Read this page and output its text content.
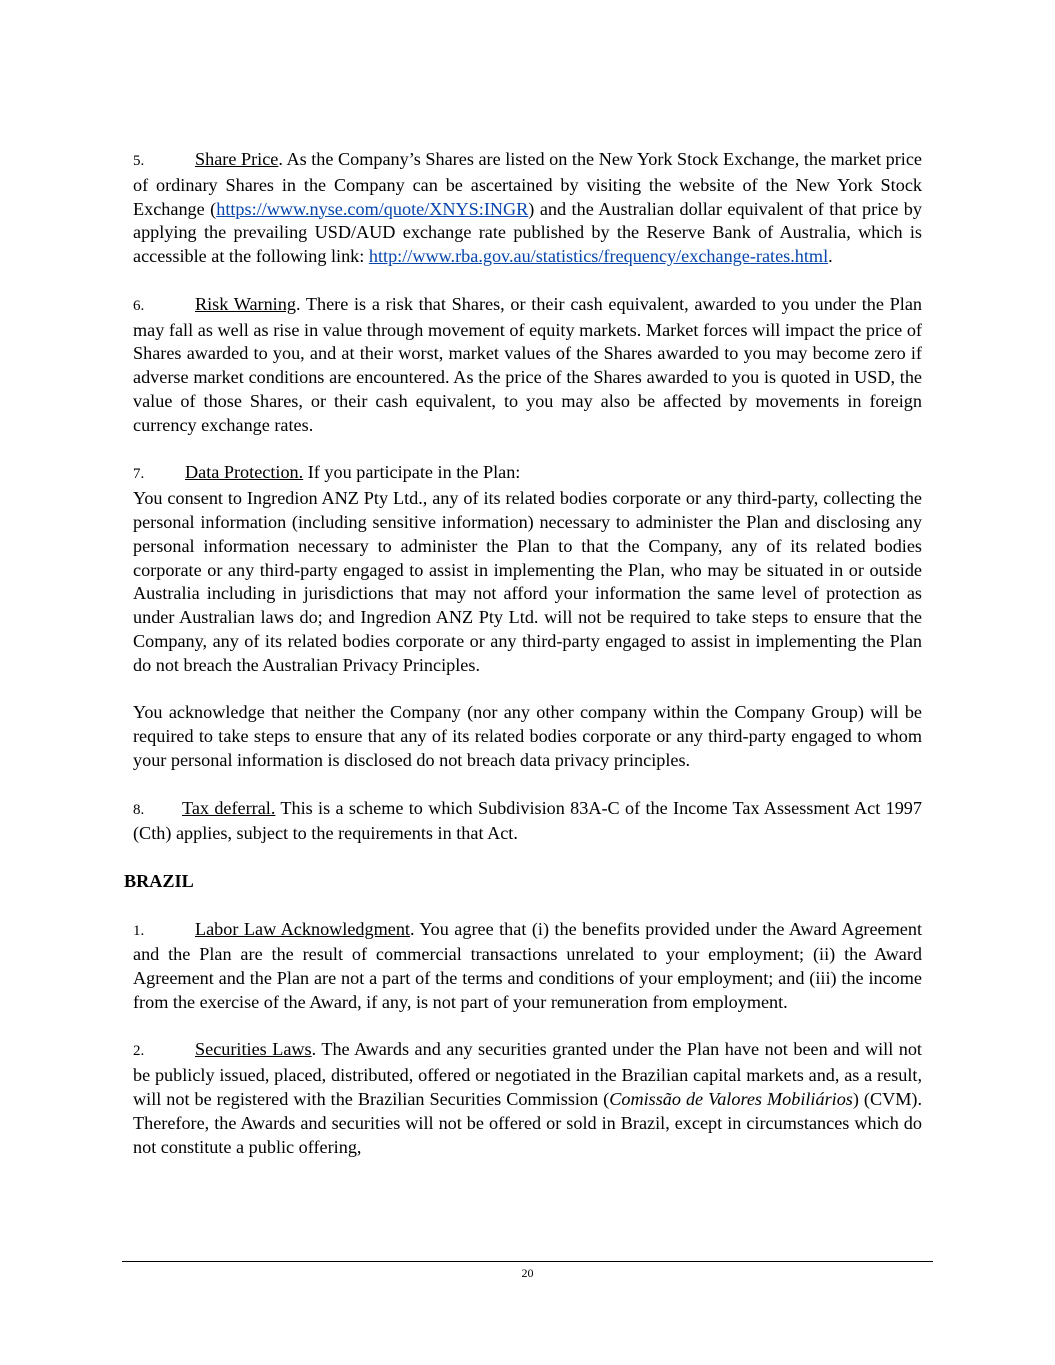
5.	Share Price. As the Company’s Shares are listed on the New York Stock Exchange, the market price of ordinary Shares in the Company can be ascertained by visiting the website of the New York Stock Exchange (https://www.nyse.com/quote/XNYS:INGR) and the Australian dollar equivalent of that price by applying the prevailing USD/AUD exchange rate published by the Reserve Bank of Australia, which is accessible at the following link: http://www.rba.gov.au/statistics/frequency/exchange-rates.html.

6.	Risk Warning. There is a risk that Shares, or their cash equivalent, awarded to you under the Plan may fall as well as rise in value through movement of equity markets. Market forces will impact the price of Shares awarded to you, and at their worst, market values of the Shares awarded to you may become zero if adverse market conditions are encountered. As the price of the Shares awarded to you is quoted in USD, the value of those Shares, or their cash equivalent, to you may also be affected by movements in foreign currency exchange rates.

7. Data Protection. If you participate in the Plan:

You consent to Ingredion ANZ Pty Ltd., any of its related bodies corporate or any third-party, collecting the personal information (including sensitive information) necessary to administer the Plan and disclosing any personal information necessary to administer the Plan to that the Company, any of its related bodies corporate or any third-party engaged to assist in implementing the Plan, who may be situated in or outside Australia including in jurisdictions that may not afford your information the same level of protection as under Australian laws do; and Ingredion ANZ Pty Ltd. will not be required to take steps to ensure that the Company, any of its related bodies corporate or any third-party engaged to assist in implementing the Plan do not breach the Australian Privacy Principles.

You acknowledge that neither the Company (nor any other company within the Company Group) will be required to take steps to ensure that any of its related bodies corporate or any third-party engaged to whom your personal information is disclosed do not breach data privacy principles.

8. Tax deferral. This is a scheme to which Subdivision 83A-C of the Income Tax Assessment Act 1997 (Cth) applies, subject to the requirements in that Act.

BRAZIL

1.	Labor Law Acknowledgment. You agree that (i) the benefits provided under the Award Agreement and the Plan are the result of commercial transactions unrelated to your employment; (ii) the Award Agreement and the Plan are not a part of the terms and conditions of your employment; and (iii) the income from the exercise of the Award, if any, is not part of your remuneration from employment.

2.	Securities Laws. The Awards and any securities granted under the Plan have not been and will not be publicly issued, placed, distributed, offered or negotiated in the Brazilian capital markets and, as a result, will not be registered with the Brazilian Securities Commission (Comissão de Valores Mobiliários) (CVM). Therefore, the Awards and securities will not be offered or sold in Brazil, except in circumstances which do not constitute a public offering,

20
